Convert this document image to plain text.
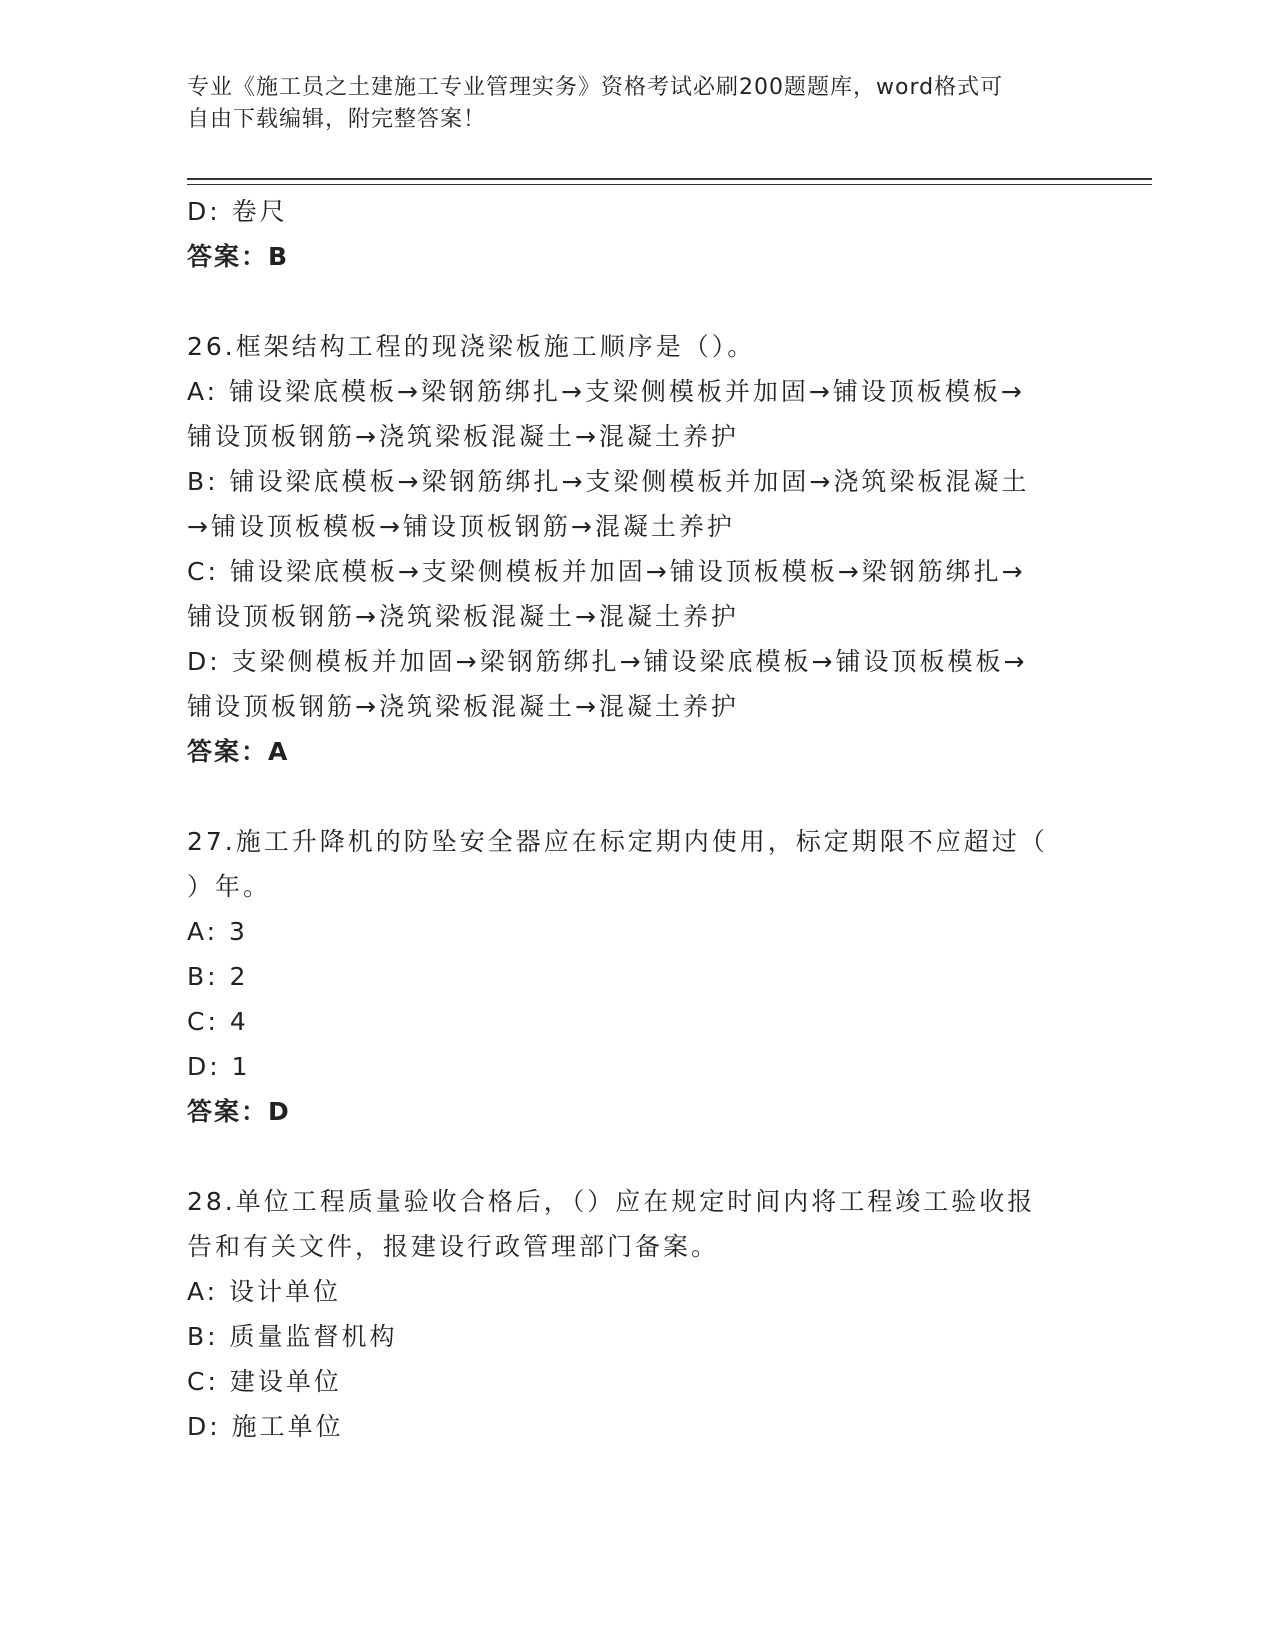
专业《施工员之土建施工专业管理实务》资格考试必刷200题题库，word格式可
自由下载编辑，附完整答案！
D: 卷尺
答案：B
26.框架结构工程的现浇梁板施工顺序是（）。
A: 铺设梁底模板→梁钢筋绑扎→支梁侧模板并加固→铺设顶板模板→
铺设顶板钢筋→浇筑梁板混凝土→混凝土养护
B: 铺设梁底模板→梁钢筋绑扎→支梁侧模板并加固→浇筑梁板混凝土
→铺设顶板模板→铺设顶板钢筋→混凝土养护
C: 铺设梁底模板→支梁侧模板并加固→铺设顶板模板→梁钢筋绑扎→
铺设顶板钢筋→浇筑梁板混凝土→混凝土养护
D: 支梁侧模板并加固→梁钢筋绑扎→铺设梁底模板→铺设顶板模板→
铺设顶板钢筋→浇筑梁板混凝土→混凝土养护
答案：A
27.施工升降机的防坠安全器应在标定期内使用，标定期限不应超过（
）年。
A: 3
B: 2
C: 4
D: 1
答案：D
28.单位工程质量验收合格后，（）应在规定时间内将工程竣工验收报
告和有关文件，报建设行政管理部门备案。
A: 设计单位
B: 质量监督机构
C: 建设单位
D: 施工单位
